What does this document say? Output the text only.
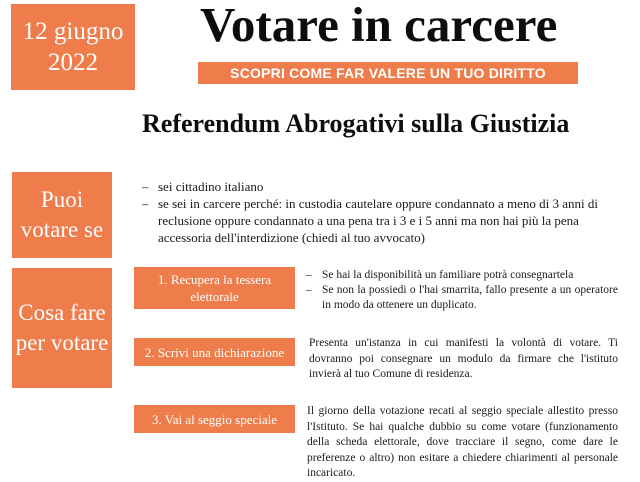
12 giugno 2022
Votare in carcere
SCOPRI COME FAR VALERE UN TUO DIRITTO
Referendum Abrogativi sulla Giustizia
Puoi votare se
– sei cittadino italiano
– se sei in carcere perché: in custodia cautelare oppure condannato a meno di 3 anni di reclusione oppure condannato a una pena tra i 3 e i 5 anni ma non hai più la pena accessoria dell'interdizione (chiedi al tuo avvocato)
Cosa fare per votare
1. Recupera la tessera elettorale
– Se hai la disponibilità un familiare potrà consegnartela
– Se non la possiedi o l'hai smarrita, fallo presente a un operatore in modo da ottenere un duplicato.
2. Scrivi una dichiarazione

Presenta un'istanza in cui manifesti la volontà di votare. Ti dovranno poi consegnare un modulo da firmare che l'istituto invierà al tuo Comune di residenza.

3. Vai al seggio speciale

Il giorno della votazione recati al seggio speciale allestito presso l'Istituto. Se hai qualche dubbio su come votare (funzionamento della scheda elettorale, dove tracciare il segno, come dare le preferenze o altro) non esitare a chiedere chiarimenti al personale incaricato.
